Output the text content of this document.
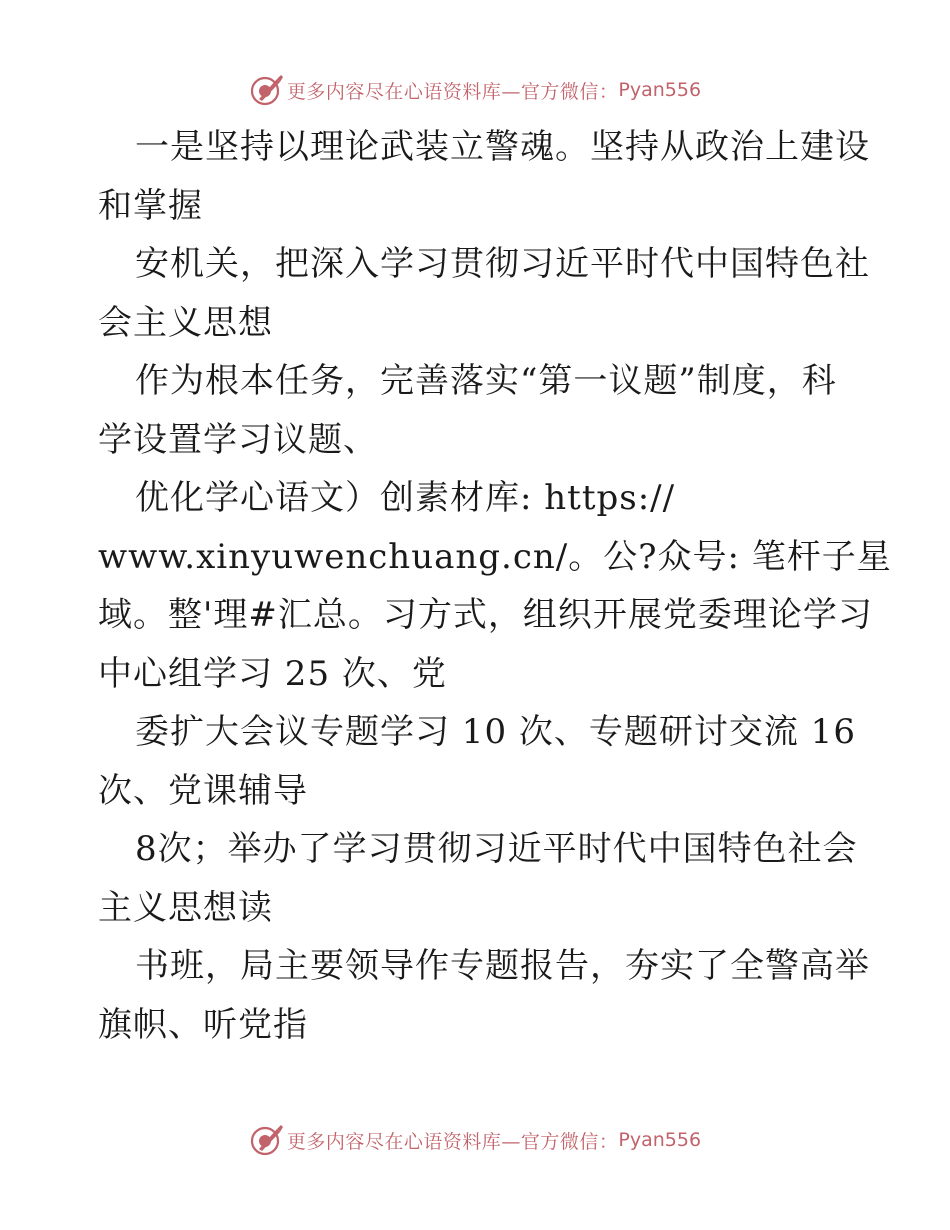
更多内容尽在心语资料库—官方微信： Pyan556
一是坚持以理论武装立警魂。坚持从政治上建设
和掌握
安机关，把深入学习贯彻习近平时代中国特色社
会主义思想
作为根本任务，完善落实“第一议题”制度，科
学设置学习议题、
优化学心语文）创素材库: https://
www.xinyuwenchuang.cn/。公?众号: 笔杆子星
域。整'理#汇总。习方式，组织开展党委理论学习
中心组学习 25 次、党
委扩大会议专题学习 10 次、专题研讨交流 16
次、党课辅导
8次；举办了学习贯彻习近平时代中国特色社会
主义思想读
书班，局主要领导作专题报告，夯实了全警高举
旗帜、听党指
更多内容尽在心语资料库—官方微信： Pyan556
